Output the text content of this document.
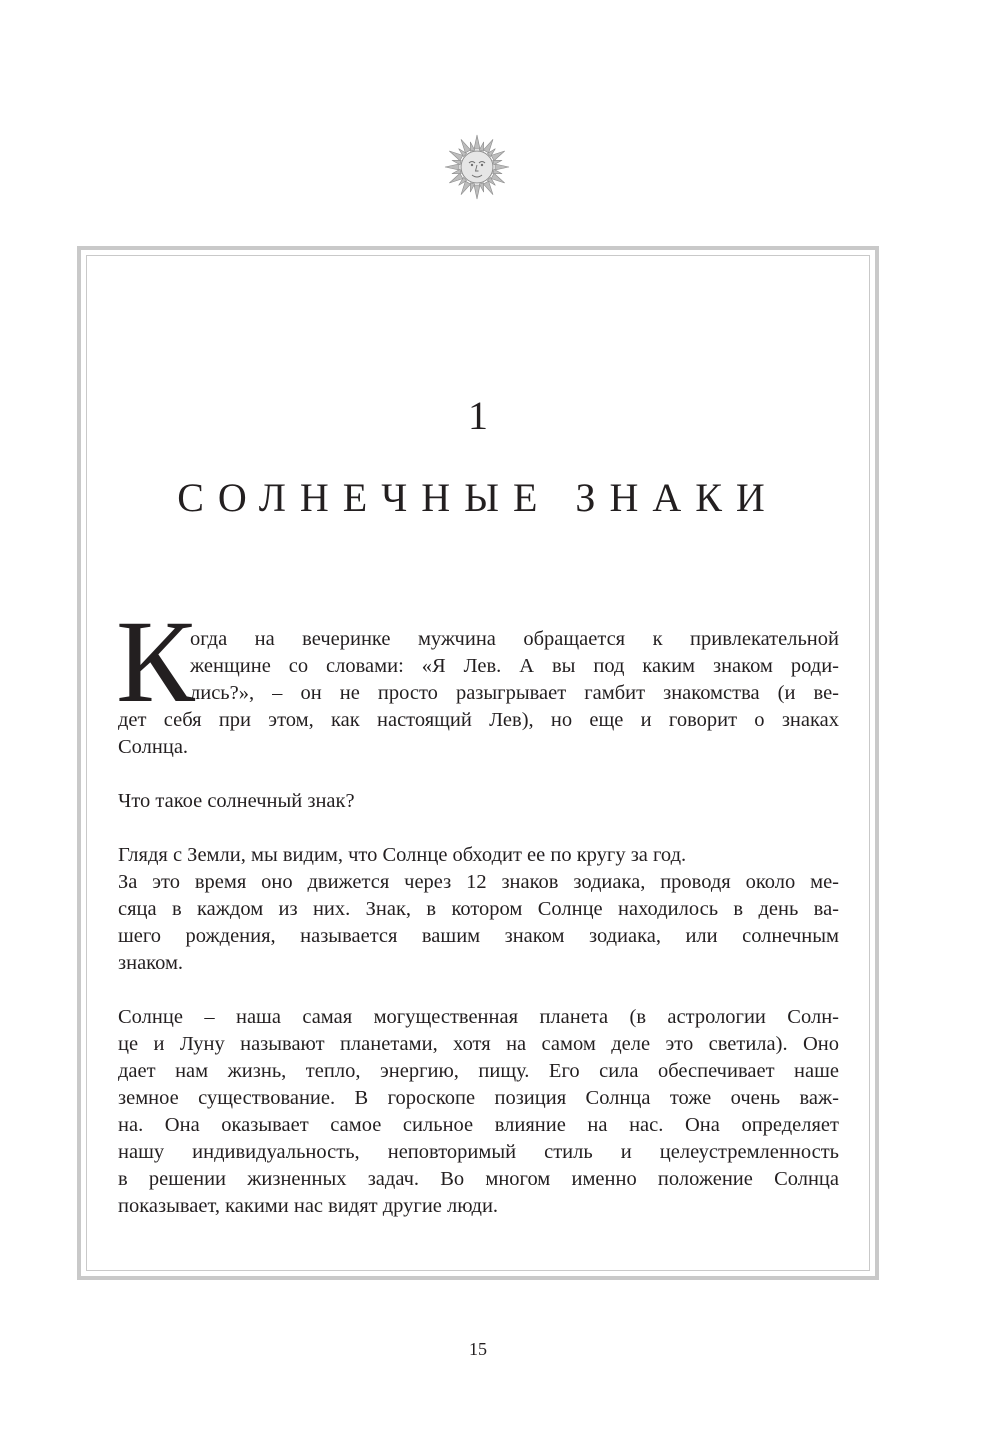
1
СОЛНЕЧНЫЕ ЗНАКИ
К
огда на вечеринке мужчина обращается к привлекательной
женщине со словами: «Я Лев. А вы под каким знаком роди-
лись?», – он не просто разыгрывает гамбит знакомства (и ве-
дет себя при этом, как настоящий Лев), но еще и говорит о знаках
Солнца.
Что такое солнечный знак?
Глядя с Земли, мы видим, что Солнце обходит ее по кругу за год.
За это время оно движется через 12 знаков зодиака, проводя около ме-
сяца в каждом из них. Знак, в котором Солнце находилось в день ва-
шего рождения, называется вашим знаком зодиака, или солнечным
знаком.
Солнце – наша самая могущественная планета (в астрологии Солн-
це и Луну называют планетами, хотя на самом деле это светила). Оно
дает нам жизнь, тепло, энергию, пищу. Его сила обеспечивает наше
земное существование. В гороскопе позиция Солнца тоже очень важ-
на. Она оказывает самое сильное влияние на нас. Она определяет
нашу индивидуальность, неповторимый стиль и целеустремленность
в решении жизненных задач. Во многом именно положение Солнца
показывает, какими нас видят другие люди.
15
